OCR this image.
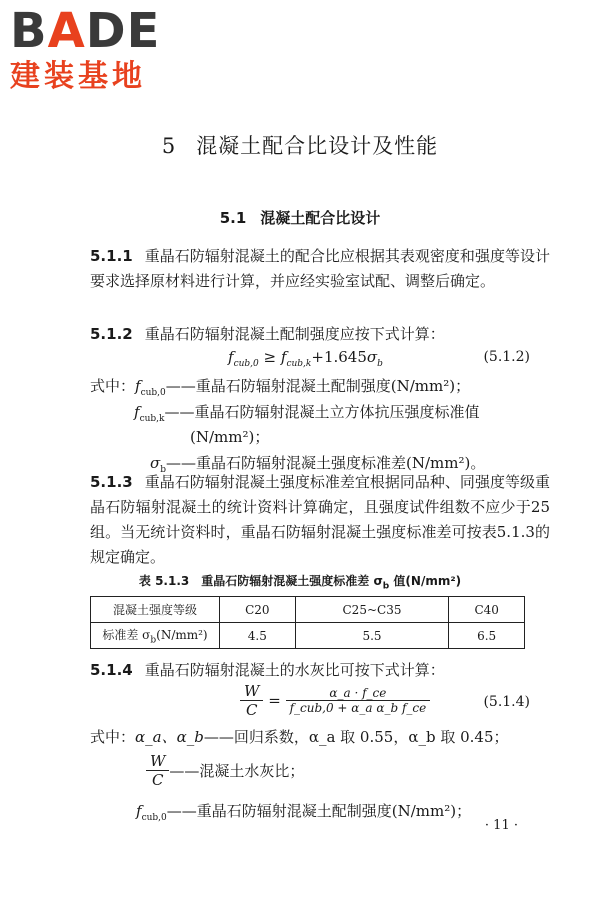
BADE
建装基地
5 混凝土配合比设计及性能
5.1 混凝土配合比设计
5.1.1 重晶石防辐射混凝土的配合比应根据其表观密度和强度等设计要求选择原材料进行计算，并应经实验室试配、调整后确定。
5.1.2 重晶石防辐射混凝土配制强度应按下式计算：
$f_{cub,0} \ge f_{cub,k}+1.645\sigma_b$	(5.1.2)
式中：$f_{cub,0}——$重晶石防辐射混凝土配制强度(N/mm²)；
$f_{cub,k}——$重晶石防辐射混凝土立方体抗压强度标准值
(N/mm²)；
$\sigma_b——$重晶石防辐射混凝土强度标准差(N/mm²)。
5.1.3 重晶石防辐射混凝土强度标准差宜根据同品种、同强度等级重晶石防辐射混凝土的统计资料计算确定，且强度试件组数不应少于25组。当无统计资料时，重晶石防辐射混凝土强度标准差可按表5.1.3的规定确定。
表 5.1.3 重晶石防辐射混凝土强度标准差 $\sigma_b$ 值(N/mm²)
混凝土强度等级	C20	C25~C35	C40
标准差 $\sigma_b(N/mm^2)$	4.5	5.5	6.5
5.1.4 重晶石防辐射混凝土的水灰比可按下式计算：
$\frac{W}{C} = \frac{\alpha\_a \cdot f\_ce}{\text{f\_cub,0 + α\_a α\_b f\_ce}}$	(5.1.4)
式中：α_a、α_b——回归系数，α_a 取 0.55，α_b 取 0.45；
$\frac{W}{C}$ ——混凝土水灰比；
$f_{cub,0}——$重晶石防辐射混凝土配制强度(N/mm²)；
· 11 ·
